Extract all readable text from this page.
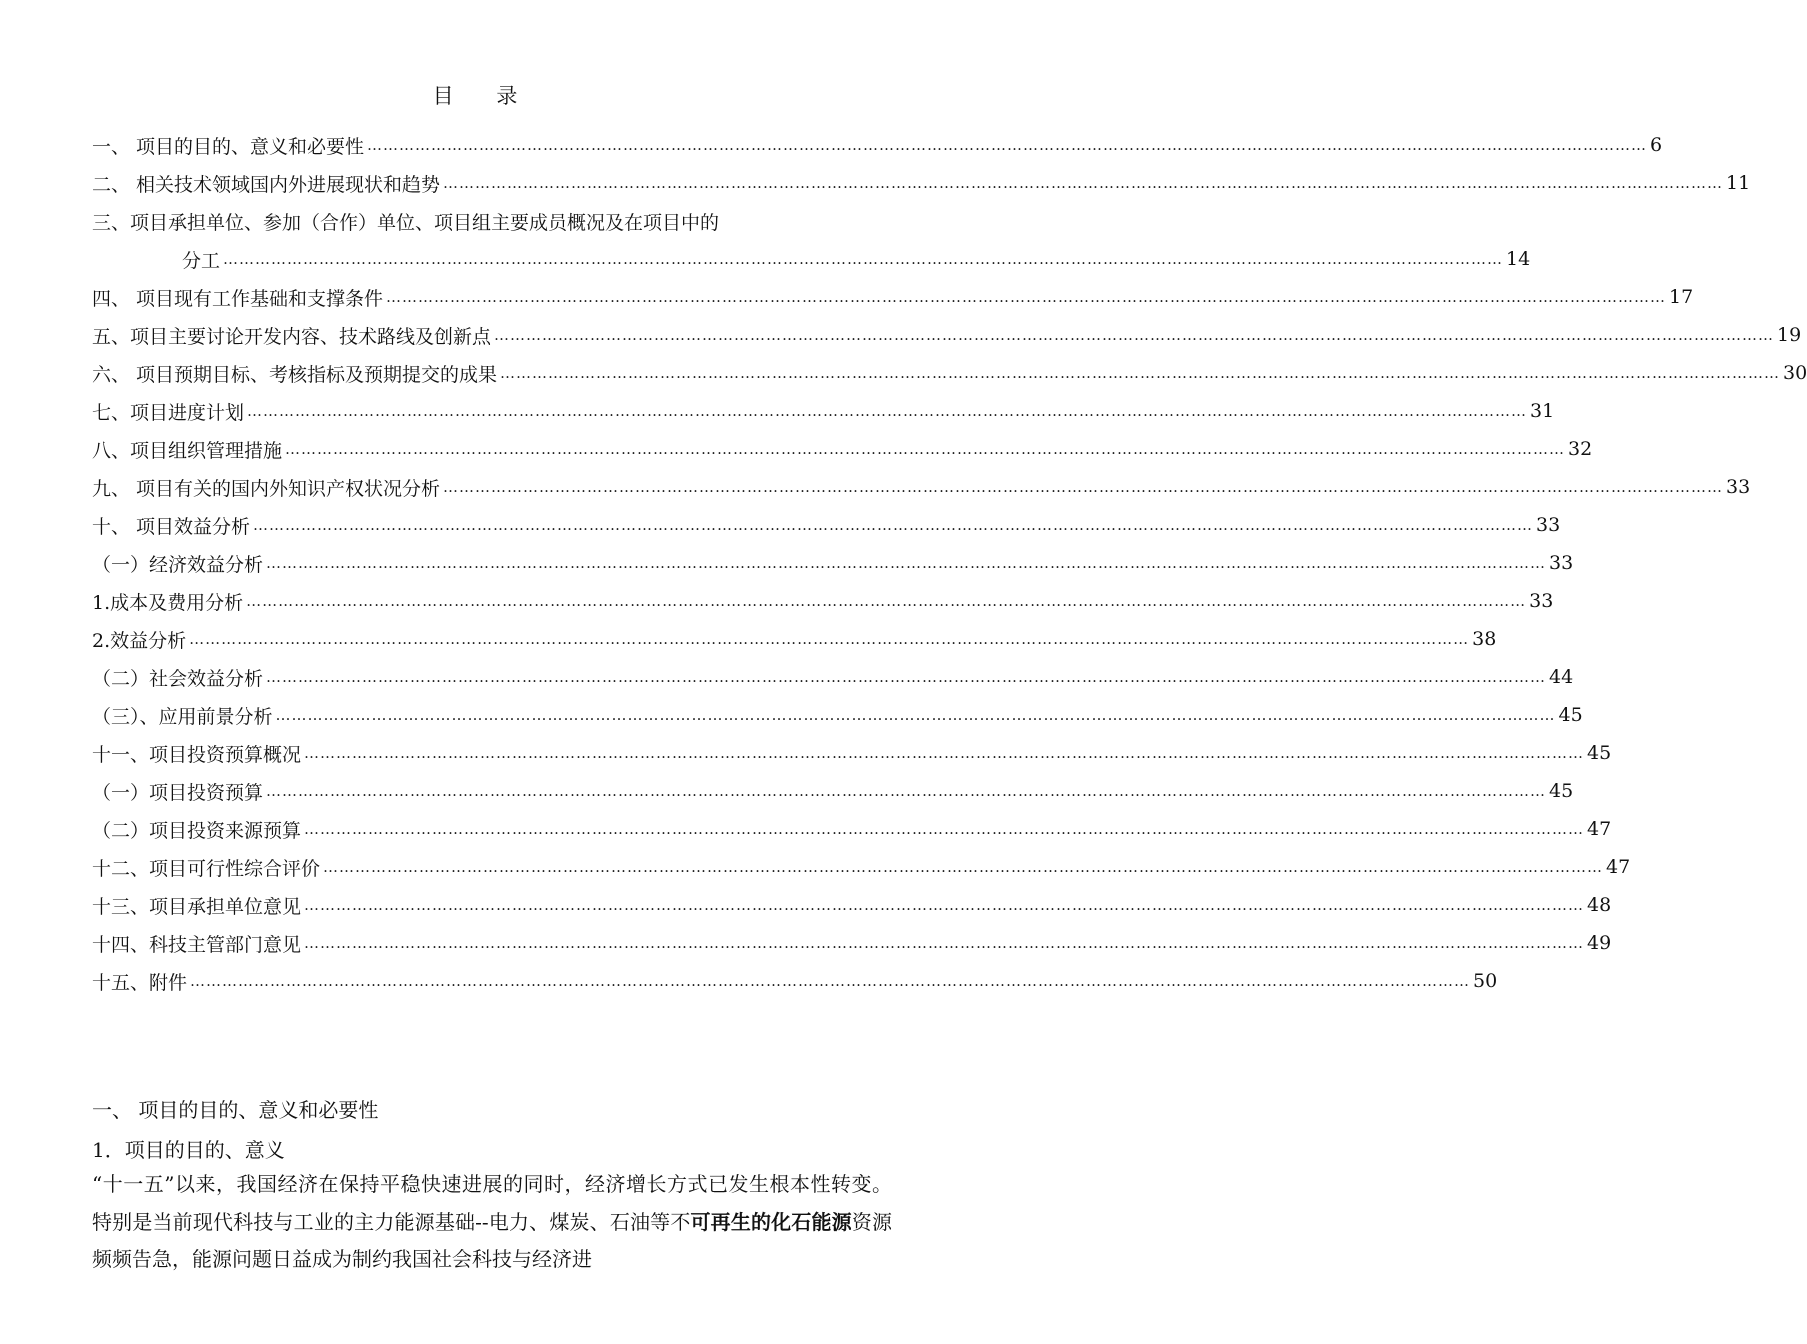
目 录
一、 项目的目的、意义和必要性 …………………………………………………………………………………………………………………………………………………………………………………………………………………… 6
二、 相关技术领域国内外进展现状和趋势 …………………………………………………………………………………………………………………………………………………………………………………………………………………… 11
三、项目承担单位、参加（合作）单位、项目组主要成员概况及在项目中的
分工 …………………………………………………………………………………………………………………………………………………………………………………………………………………… 14
四、 项目现有工作基础和支撑条件 …………………………………………………………………………………………………………………………………………………………………………………………………………………… 17
五、项目主要讨论开发内容、技术路线及创新点 …………………………………………………………………………………………………………………………………………………………………………………………………………………… 19
六、 项目预期目标、考核指标及预期提交的成果 …………………………………………………………………………………………………………………………………………………………………………………………………………………… 30
七、项目进度计划 …………………………………………………………………………………………………………………………………………………………………………………………………………………… 31
八、项目组织管理措施 …………………………………………………………………………………………………………………………………………………………………………………………………………………… 32
九、 项目有关的国内外知识产权状况分析 …………………………………………………………………………………………………………………………………………………………………………………………………………………… 33
十、 项目效益分析 …………………………………………………………………………………………………………………………………………………………………………………………………………………… 33
（一）经济效益分析 …………………………………………………………………………………………………………………………………………………………………………………………………………………… 33
1.成本及费用分析 …………………………………………………………………………………………………………………………………………………………………………………………………………………… 33
2.效益分析 …………………………………………………………………………………………………………………………………………………………………………………………………………………… 38
（二）社会效益分析 …………………………………………………………………………………………………………………………………………………………………………………………………………………… 44
（三）、应用前景分析 …………………………………………………………………………………………………………………………………………………………………………………………………………………… 45
十一、项目投资预算概况 …………………………………………………………………………………………………………………………………………………………………………………………………………………… 45
（一）项目投资预算 …………………………………………………………………………………………………………………………………………………………………………………………………………………… 45
（二）项目投资来源预算 …………………………………………………………………………………………………………………………………………………………………………………………………………………… 47
十二、项目可行性综合评价 …………………………………………………………………………………………………………………………………………………………………………………………………………………… 47
十三、项目承担单位意见 …………………………………………………………………………………………………………………………………………………………………………………………………………………… 48
十四、科技主管部门意见 …………………………………………………………………………………………………………………………………………………………………………………………………………………… 49
十五、附件 …………………………………………………………………………………………………………………………………………………………………………………………………………………… 50
一、 项目的目的、意义和必要性
1．项目的目的、意义
“十一五”以来，我国经济在保持平稳快速进展的同时，经济增长方式已发生根本性转变。特别是当前现代科技与工业的主力能源基础--电力、煤炭、石油等不可再生的化石能源资源频频告急，能源问题日益成为制约我国社会科技与经济进
